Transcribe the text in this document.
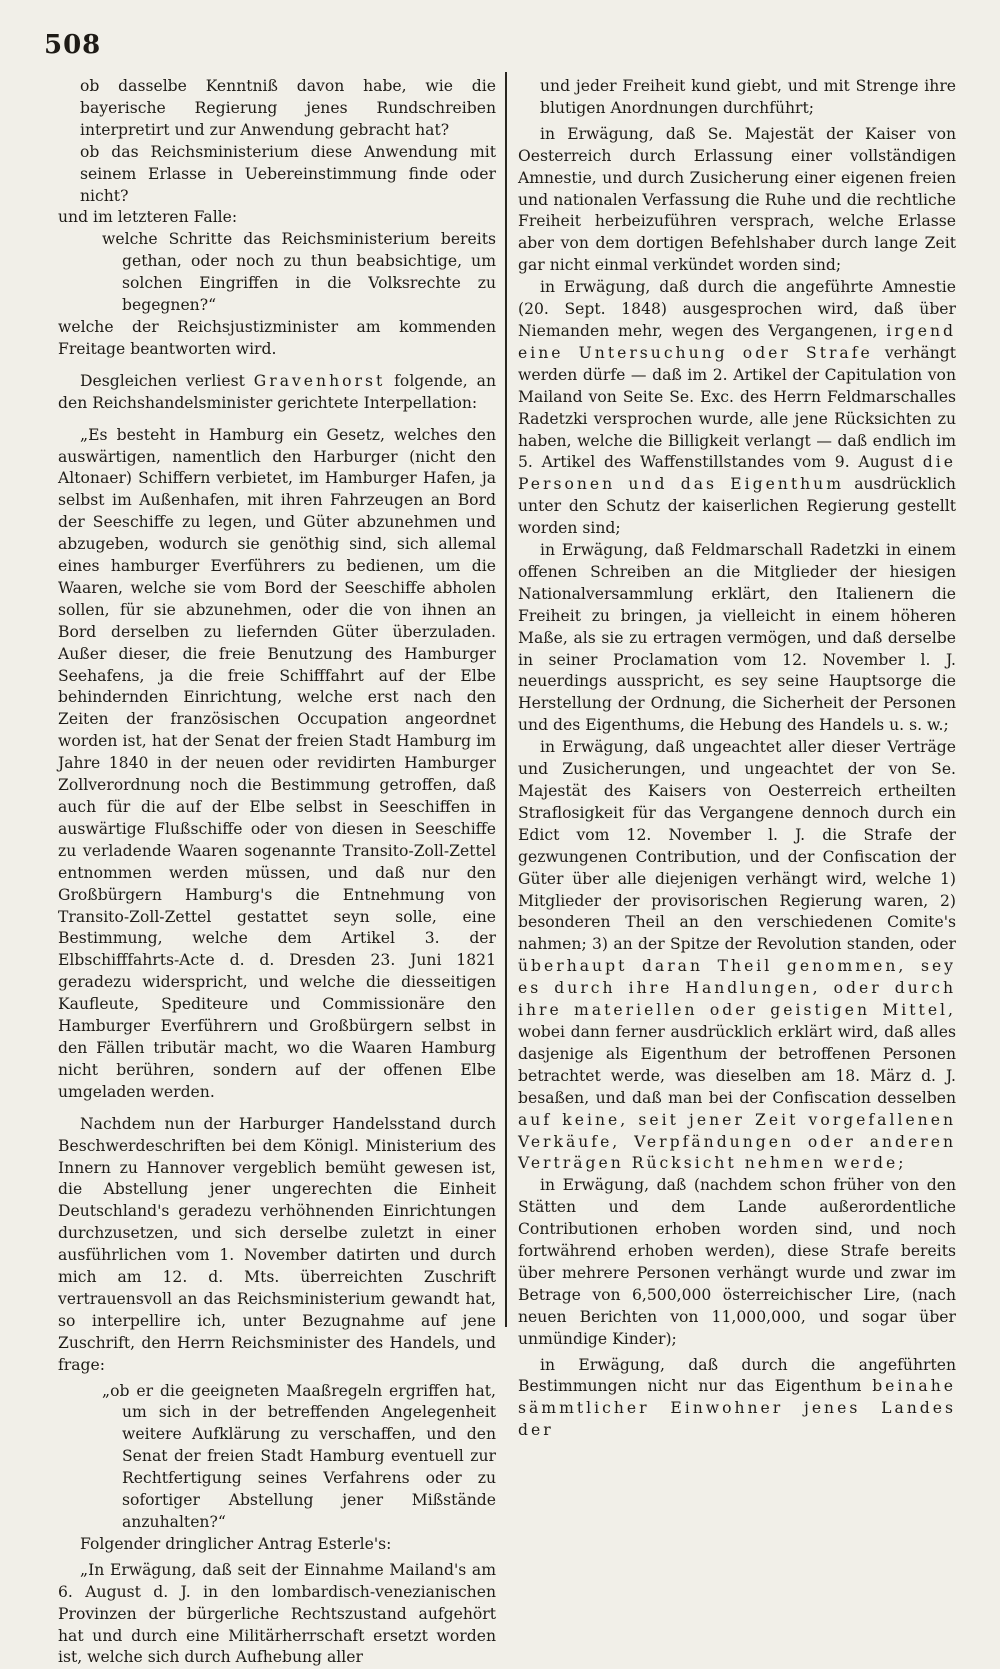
508

ob dasselbe Kenntniß davon habe, wie die bayerische Regierung jenes Rundschreiben interpretirt und zur Anwendung gebracht hat?

ob das Reichsministerium diese Anwendung mit seinem Erlasse in Uebereinstimmung finde oder nicht?

und im letzteren Falle:

welche Schritte das Reichsministerium bereits gethan, oder noch zu thun beabsichtige, um solchen Eingriffen in die Volksrechte zu begegnen?“

welche der Reichsjustizminister am kommenden Freitage beantworten wird.

Desgleichen verliest Gravenhorst folgende, an den Reichshandelsminister gerichtete Interpellation:

„Es besteht in Hamburg ein Gesetz, welches den auswärtigen, namentlich den Harburger (nicht den Altonaer) Schiffern verbietet, im Hamburger Hafen, ja selbst im Außenhafen, mit ihren Fahrzeugen an Bord der Seeschiffe zu legen, und Güter abzunehmen und abzugeben, wodurch sie genöthig sind, sich allemal eines hamburger Everführers zu bedienen, um die Waaren, welche sie vom Bord der Seeschiffe abholen sollen, für sie abzunehmen, oder die von ihnen an Bord derselben zu liefernden Güter überzuladen. Außer dieser, die freie Benutzung des Hamburger Seehafens, ja die freie Schifffahrt auf der Elbe behindernden Einrichtung, welche erst nach den Zeiten der französischen Occupation angeordnet worden ist, hat der Senat der freien Stadt Hamburg im Jahre 1840 in der neuen oder revidirten Hamburger Zollverordnung noch die Bestimmung getroffen, daß auch für die auf der Elbe selbst in Seeschiffen in auswärtige Flußschiffe oder von diesen in Seeschiffe zu verladende Waaren sogenannte Transito-Zoll-Zettel entnommen werden müssen, und daß nur den Großbürgern Hamburg's die Entnehmung von Transito-Zoll-Zettel gestattet seyn solle, eine Bestimmung, welche dem Artikel 3. der Elbschifffahrts-Acte d. d. Dresden 23. Juni 1821 geradezu widerspricht, und welche die diesseitigen Kaufleute, Spediteure und Commissionäre den Hamburger Everführern und Großbürgern selbst in den Fällen tributär macht, wo die Waaren Hamburg nicht berühren, sondern auf der offenen Elbe umgeladen werden.

Nachdem nun der Harburger Handelsstand durch Beschwerdeschriften bei dem Königl. Ministerium des Innern zu Hannover vergeblich bemüht gewesen ist, die Abstellung jener ungerechten die Einheit Deutschland's geradezu verhöhnenden Einrichtungen durchzusetzen, und sich derselbe zuletzt in einer ausführlichen vom 1. November datirten und durch mich am 12. d. Mts. überreichten Zuschrift vertrauensvoll an das Reichsministerium gewandt hat, so interpellire ich, unter Bezugnahme auf jene Zuschrift, den Herrn Reichsminister des Handels, und frage:

„ob er die geeigneten Maaßregeln ergriffen hat, um sich in der betreffenden Angelegenheit weitere Aufklärung zu verschaffen, und den Senat der freien Stadt Hamburg eventuell zur Rechtfertigung seines Verfahrens oder zu sofortiger Abstellung jener Mißstände anzuhalten?“

Folgender dringlicher Antrag Esterle's:

„In Erwägung, daß seit der Einnahme Mailand's am 6. August d. J. in den lombardisch-venezianischen Provinzen der bürgerliche Rechtszustand aufgehört hat und durch eine Militärherrschaft ersetzt worden ist, welche sich durch Aufhebung aller

und jeder Freiheit kund giebt, und mit Strenge ihre blutigen Anordnungen durchführt;

in Erwägung, daß Se. Majestät der Kaiser von Oesterreich durch Erlassung einer vollständigen Amnestie, und durch Zusicherung einer eigenen freien und nationalen Verfassung die Ruhe und die rechtliche Freiheit herbeizuführen versprach, welche Erlasse aber von dem dortigen Befehlshaber durch lange Zeit gar nicht einmal verkündet worden sind;

in Erwägung, daß durch die angeführte Amnestie (20. Sept. 1848) ausgesprochen wird, daß über Niemanden mehr, wegen des Vergangenen, irgend eine Untersuchung oder Strafe verhängt werden dürfe — daß im 2. Artikel der Capitulation von Mailand von Seite Se. Exc. des Herrn Feldmarschalles Radetzki versprochen wurde, alle jene Rücksichten zu haben, welche die Billigkeit verlangt — daß endlich im 5. Artikel des Waffenstillstandes vom 9. August die Personen und das Eigenthum ausdrücklich unter den Schutz der kaiserlichen Regierung gestellt worden sind;

in Erwägung, daß Feldmarschall Radetzki in einem offenen Schreiben an die Mitglieder der hiesigen Nationalversammlung erklärt, den Italienern die Freiheit zu bringen, ja vielleicht in einem höheren Maße, als sie zu ertragen vermögen, und daß derselbe in seiner Proclamation vom 12. November l. J. neuerdings ausspricht, es sey seine Hauptsorge die Herstellung der Ordnung, die Sicherheit der Personen und des Eigenthums, die Hebung des Handels u. s. w.;

in Erwägung, daß ungeachtet aller dieser Verträge und Zusicherungen, und ungeachtet der von Se. Majestät des Kaisers von Oesterreich ertheilten Straflosigkeit für das Vergangene dennoch durch ein Edict vom 12. November l. J. die Strafe der gezwungenen Contribution, und der Confiscation der Güter über alle diejenigen verhängt wird, welche 1) Mitglieder der provisorischen Regierung waren, 2) besonderen Theil an den verschiedenen Comite's nahmen; 3) an der Spitze der Revolution standen, oder überhaupt daran Theil genommen, sey es durch ihre Handlungen, oder durch ihre materiellen oder geistigen Mittel, wobei dann ferner ausdrücklich erklärt wird, daß alles dasjenige als Eigenthum der betroffenen Personen betrachtet werde, was dieselben am 18. März d. J. besaßen, und daß man bei der Confiscation desselben auf keine, seit jener Zeit vorgefallenen Verkäufe, Verpfändungen oder anderen Verträgen Rücksicht nehmen werde;

in Erwägung, daß (nachdem schon früher von den Stätten und dem Lande außerordentliche Contributionen erhoben worden sind, und noch fortwährend erhoben werden), diese Strafe bereits über mehrere Personen verhängt wurde und zwar im Betrage von 6,500,000 österreichischer Lire, (nach neuen Berichten von 11,000,000, und sogar über unmündige Kinder);

in Erwägung, daß durch die angeführten Bestimmungen nicht nur das Eigenthum beinahe sämmtlicher Einwohner jenes Landes der
